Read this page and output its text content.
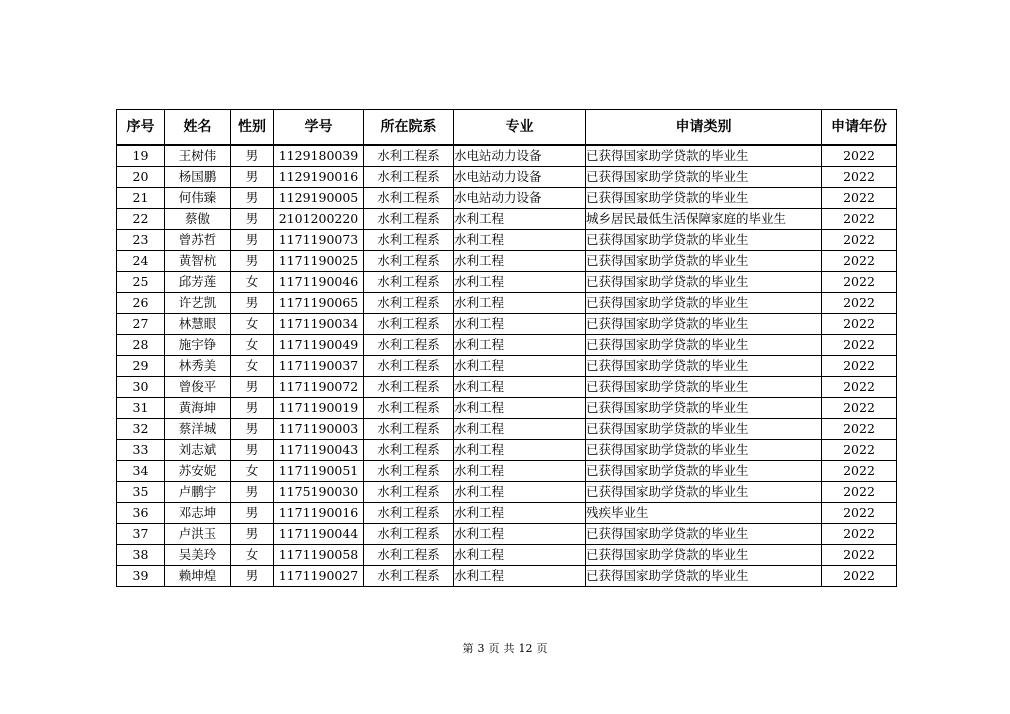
序号	姓名	性别	学号	所在院系	专业	申请类别	申请年份
19	王树伟	男	1129180039	水利工程系	水电站动力设备	已获得国家助学贷款的毕业生	2022
20	杨国鹏	男	1129190016	水利工程系	水电站动力设备	已获得国家助学贷款的毕业生	2022
21	何伟臻	男	1129190005	水利工程系	水电站动力设备	已获得国家助学贷款的毕业生	2022
22	蔡傲	男	2101200220	水利工程系	水利工程	城乡居民最低生活保障家庭的毕业生	2022
23	曾苏哲	男	1171190073	水利工程系	水利工程	已获得国家助学贷款的毕业生	2022
24	黄智杭	男	1171190025	水利工程系	水利工程	已获得国家助学贷款的毕业生	2022
25	邱芳莲	女	1171190046	水利工程系	水利工程	已获得国家助学贷款的毕业生	2022
26	许艺凯	男	1171190065	水利工程系	水利工程	已获得国家助学贷款的毕业生	2022
27	林慧眼	女	1171190034	水利工程系	水利工程	已获得国家助学贷款的毕业生	2022
28	施宇铮	女	1171190049	水利工程系	水利工程	已获得国家助学贷款的毕业生	2022
29	林秀美	女	1171190037	水利工程系	水利工程	已获得国家助学贷款的毕业生	2022
30	曾俊平	男	1171190072	水利工程系	水利工程	已获得国家助学贷款的毕业生	2022
31	黄海坤	男	1171190019	水利工程系	水利工程	已获得国家助学贷款的毕业生	2022
32	蔡洋城	男	1171190003	水利工程系	水利工程	已获得国家助学贷款的毕业生	2022
33	刘志斌	男	1171190043	水利工程系	水利工程	已获得国家助学贷款的毕业生	2022
34	苏安妮	女	1171190051	水利工程系	水利工程	已获得国家助学贷款的毕业生	2022
35	卢鹏宇	男	1175190030	水利工程系	水利工程	已获得国家助学贷款的毕业生	2022
36	邓志坤	男	1171190016	水利工程系	水利工程	残疾毕业生	2022
37	卢洪玉	男	1171190044	水利工程系	水利工程	已获得国家助学贷款的毕业生	2022
38	吴美玲	女	1171190058	水利工程系	水利工程	已获得国家助学贷款的毕业生	2022
39	赖坤煌	男	1171190027	水利工程系	水利工程	已获得国家助学贷款的毕业生	2022
第 3 页 共 12 页
